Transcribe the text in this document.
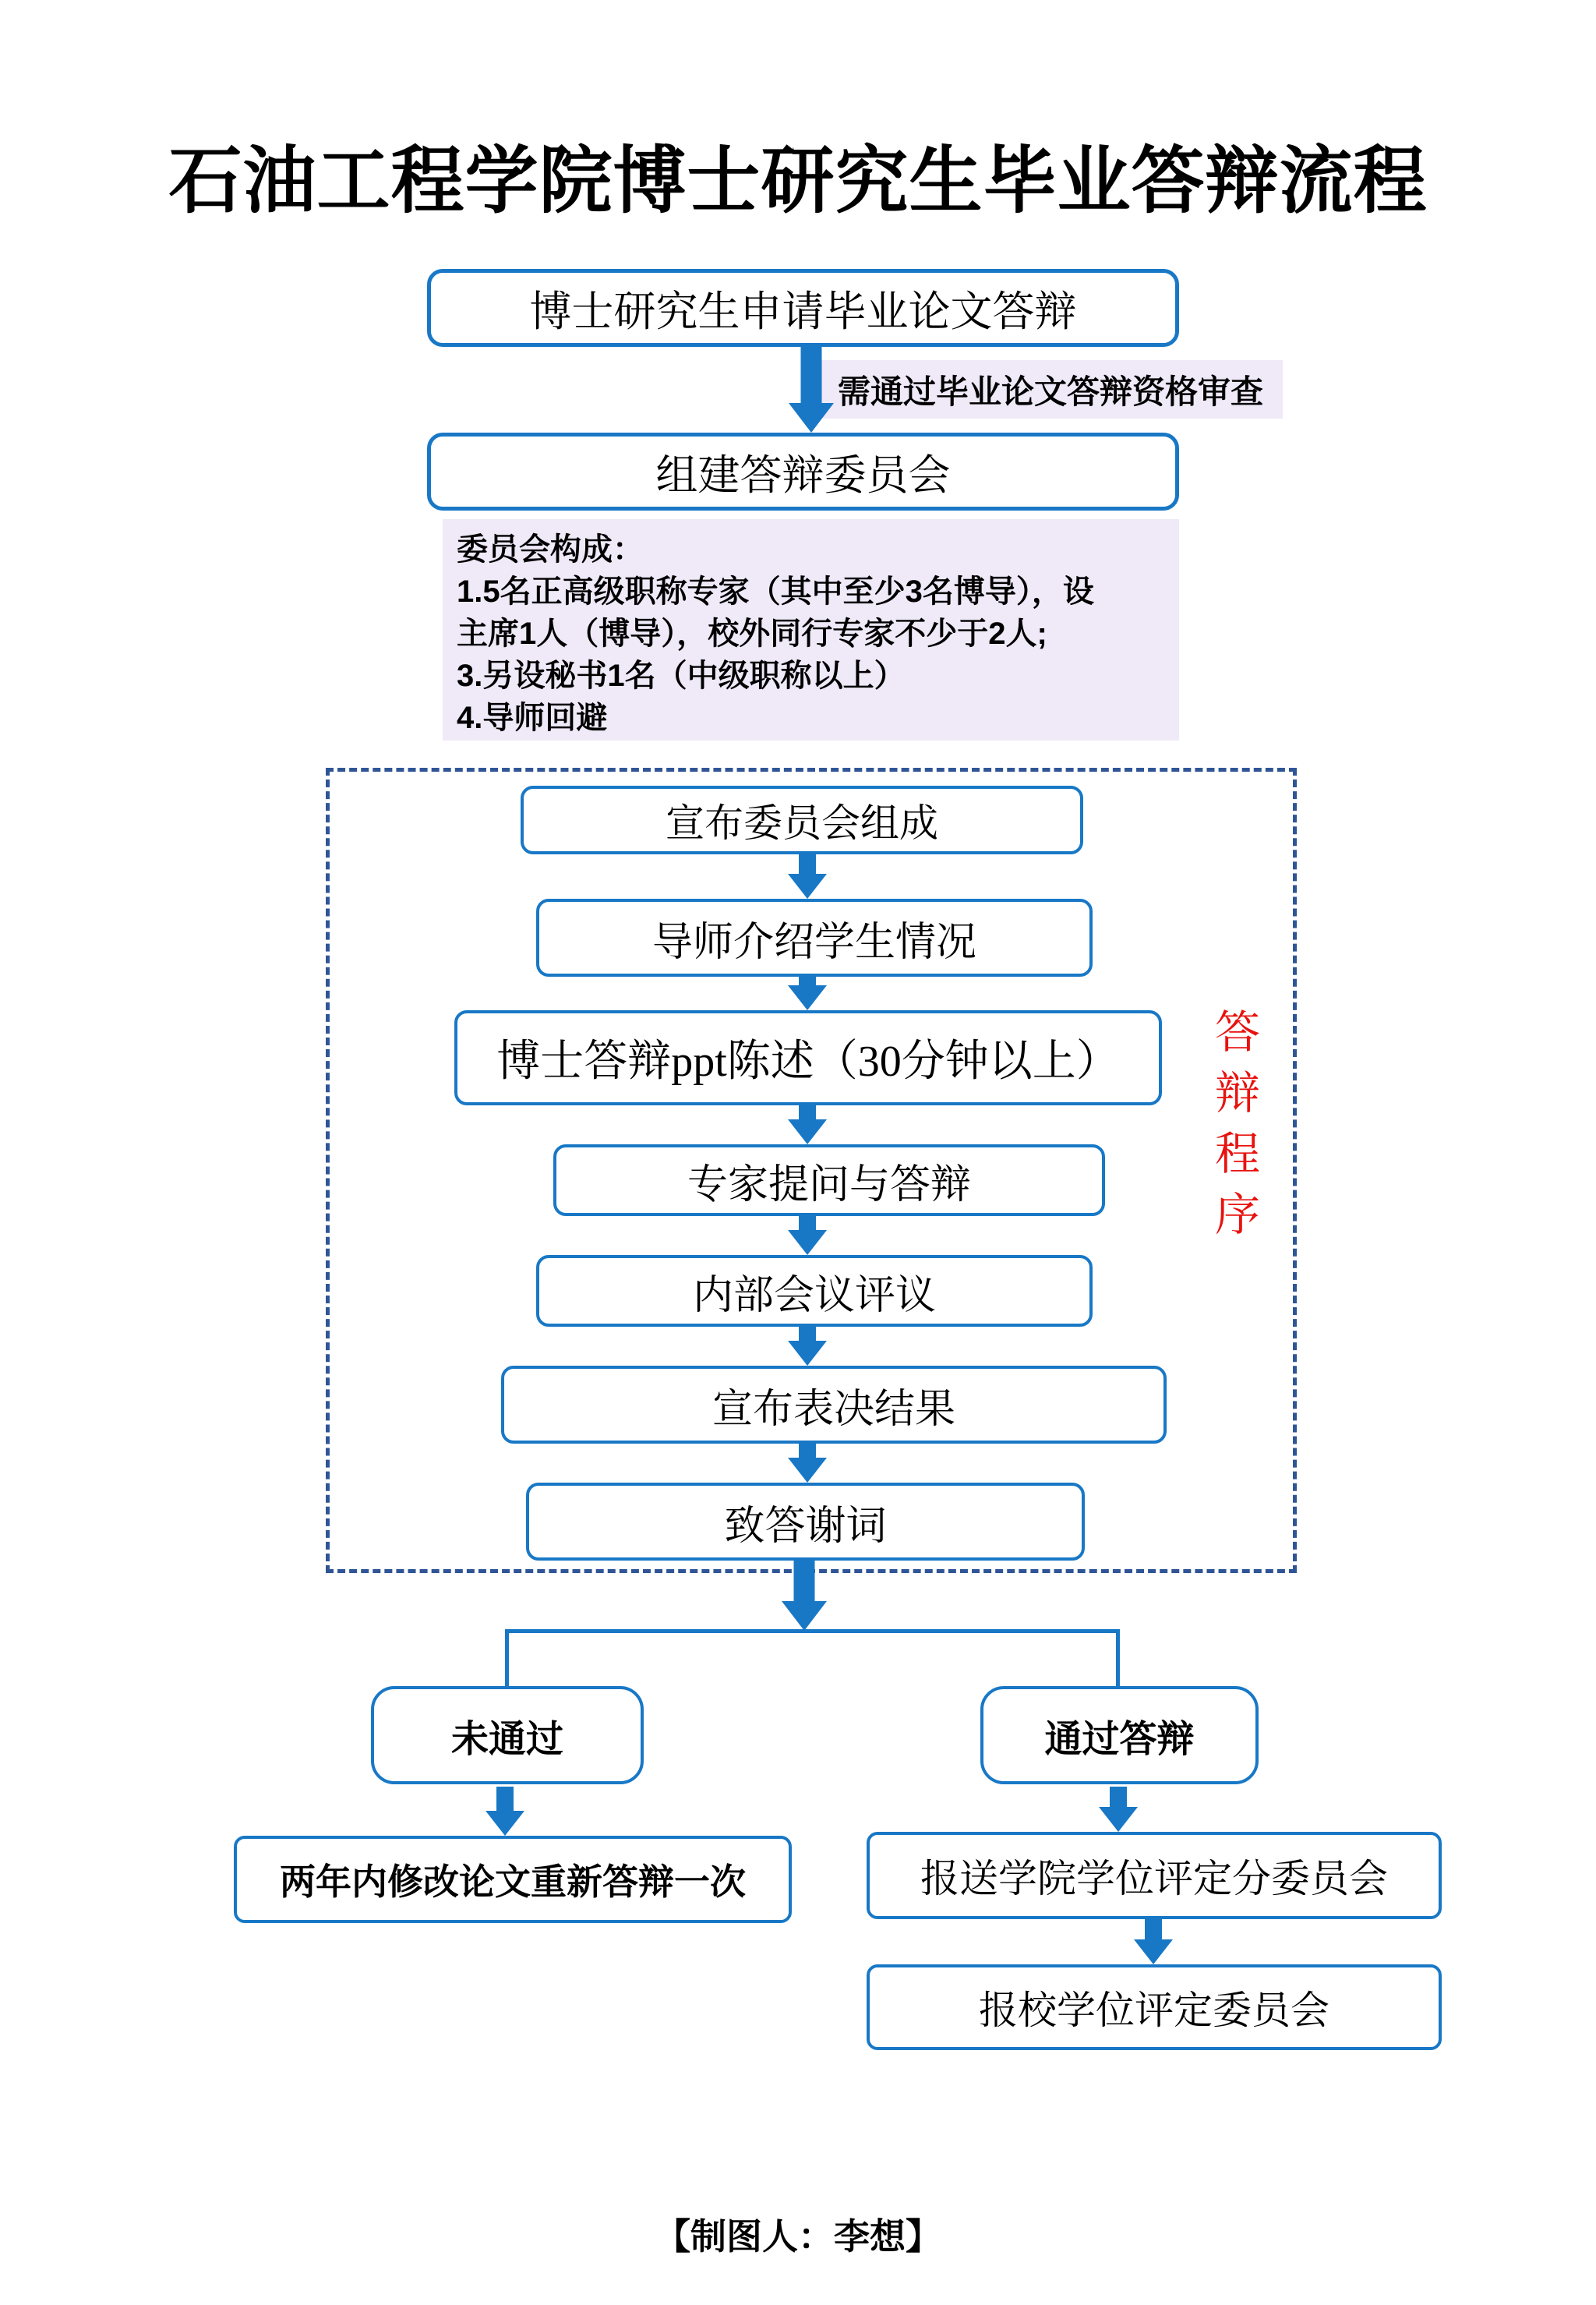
石油工程学院博士研究生毕业答辩流程
博士研究生申请毕业论文答辩
需通过毕业论文答辩资格审查
组建答辩委员会
委员会构成：
1.5名正高级职称专家（其中至少3名博导），设
主席1人（博导），校外同行专家不少于2人;
3.另设秘书1名（中级职称以上）
4.导师回避
宣布委员会组成
导师介绍学生情况
博士答辩ppt陈述（30分钟以上）
专家提问与答辩
内部会议评议
宣布表决结果
致答谢词
答
辩
程
序
未通过	通过答辩
两年内修改论文重新答辩一次	报送学院学位评定分委员会
报校学位评定委员会
【制图人：李想】
